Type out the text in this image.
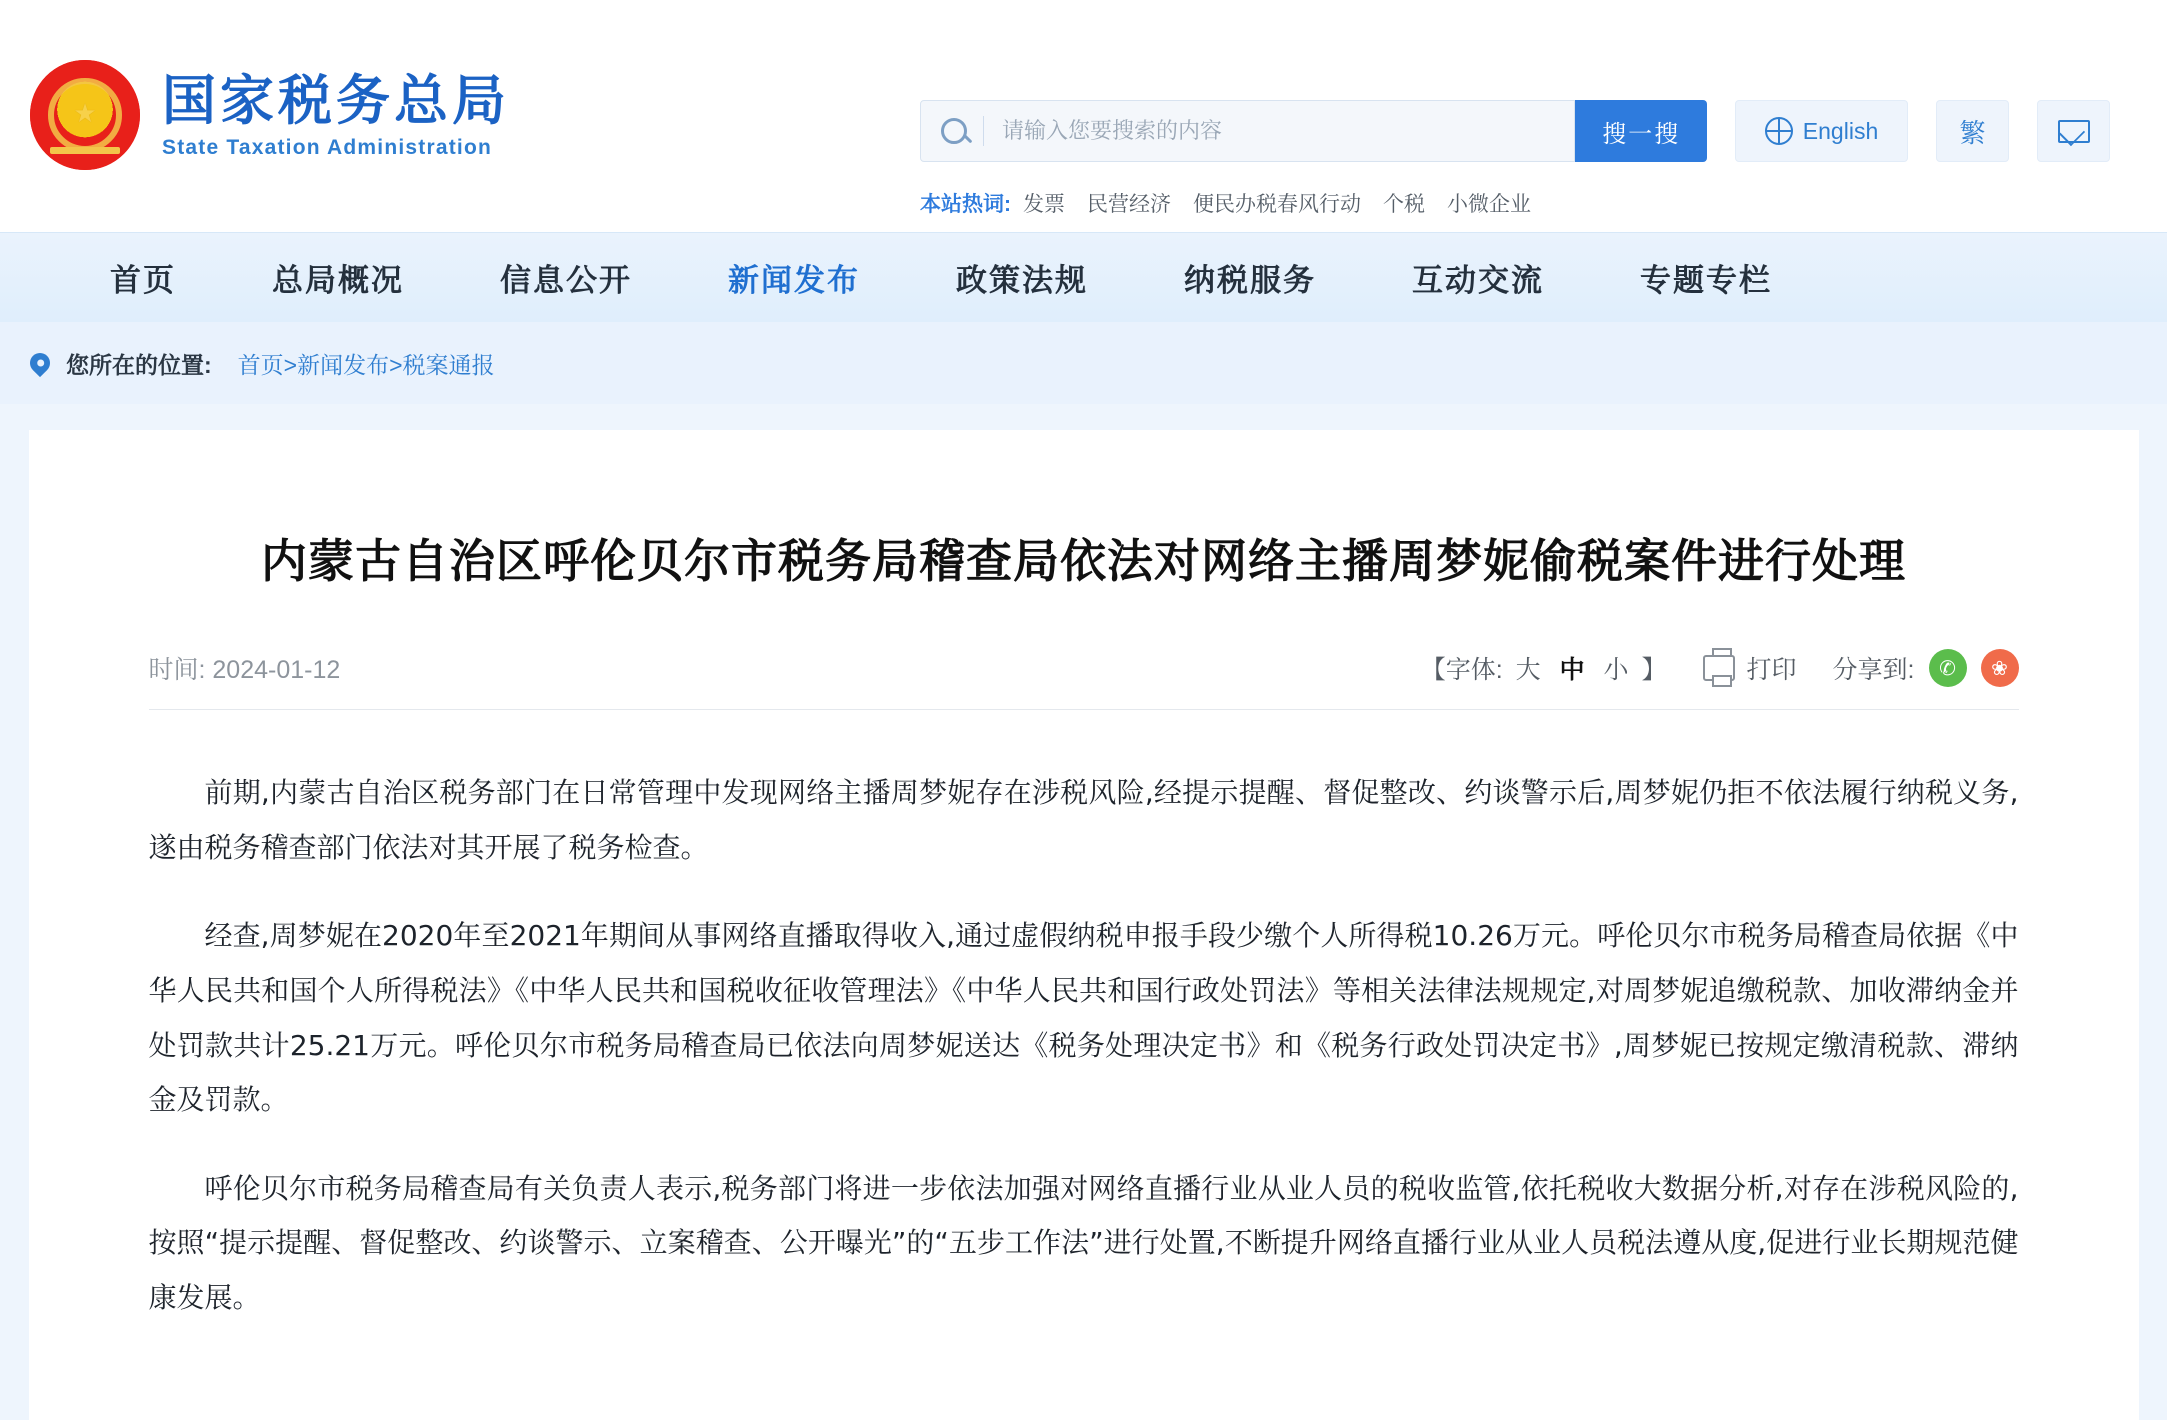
★ 国家税务总局
State Taxation Administration
请输入您要搜索的内容
搜一搜	English	繁
本站热词: 发票 民营经济 便民办税春风行动 个税 小微企业
首页	总局概况	信息公开	新闻发布	政策法规	纳税服务	互动交流	专题专栏
您所在的位置: 首页>新闻发布>税案通报
内蒙古自治区呼伦贝尔市税务局稽查局依法对网络主播周梦妮偷税案件进行处理
时间: 2024-01-12	【字体: 大 中 小 】	打印 分享到:	✆	❀

前期,内蒙古自治区税务部门在日常管理中发现网络主播周梦妮存在涉税风险,经提示提醒、督促整改、约谈警示后,周梦妮仍拒不依法履行纳税义务,遂由税务稽查部门依法对其开展了税务检查。

经查,周梦妮在2020年至2021年期间从事网络直播取得收入,通过虚假纳税申报手段少缴个人所得税10.26万元。呼伦贝尔市税务局稽查局依据《中华人民共和国个人所得税法》《中华人民共和国税收征收管理法》《中华人民共和国行政处罚法》等相关法律法规规定,对周梦妮追缴税款、加收滞纳金并处罚款共计25.21万元。呼伦贝尔市税务局稽查局已依法向周梦妮送达《税务处理决定书》和《税务行政处罚决定书》,周梦妮已按规定缴清税款、滞纳金及罚款。

呼伦贝尔市税务局稽查局有关负责人表示,税务部门将进一步依法加强对网络直播行业从业人员的税收监管,依托税收大数据分析,对存在涉税风险的,按照“提示提醒、督促整改、约谈警示、立案稽查、公开曝光”的“五步工作法”进行处置,不断提升网络直播行业从业人员税法遵从度,促进行业长期规范健康发展。
